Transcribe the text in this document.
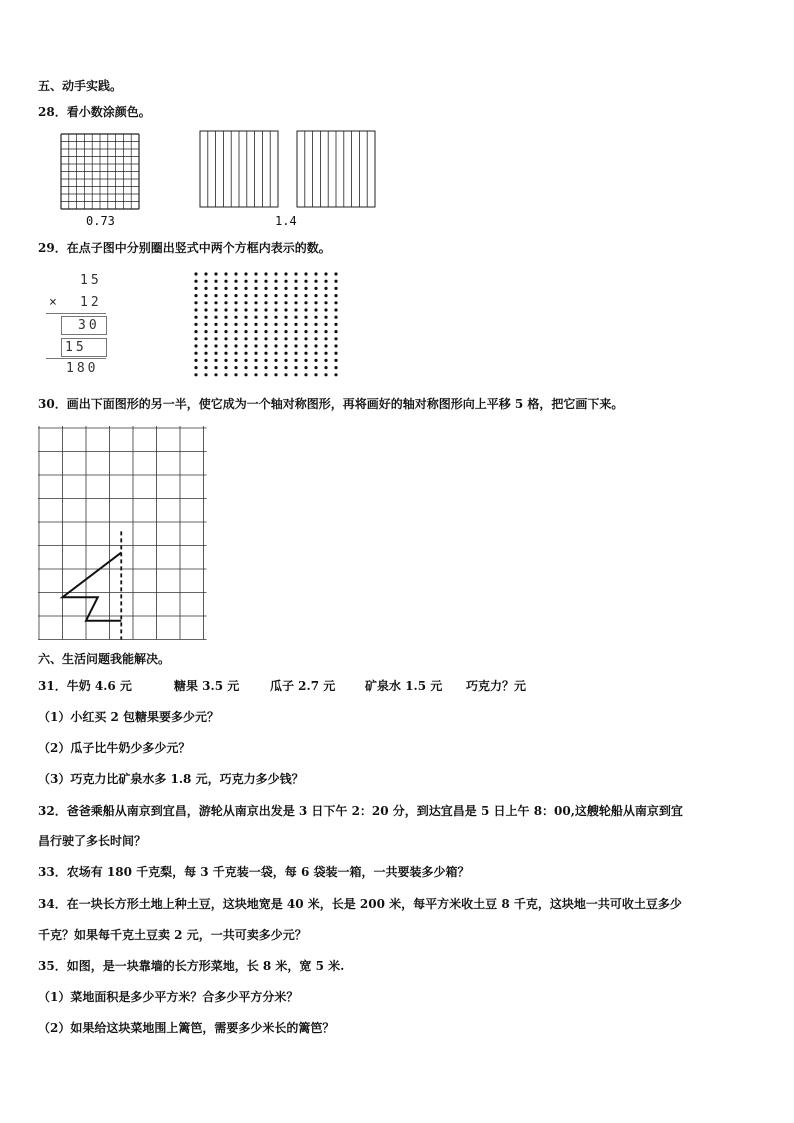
五、动手实践。
28．看小数涂颜色。
0.73	1.4
29．在点子图中分别圈出竖式中两个方框内表示的数。
15
× 12
30
15
180
30．画出下面图形的另一半，使它成为一个轴对称图形，再将画好的轴对称图形向上平移 5 格，把它画下来。
六、生活问题我能解决。
31．牛奶 4.6 元	糖果 3.5 元	瓜子 2.7 元 矿泉水 1.5 元 巧克力？元
（1）小红买 2 包糖果要多少元？
（2）瓜子比牛奶少多少元？
（3）巧克力比矿泉水多 1.8 元，巧克力多少钱？
32．爸爸乘船从南京到宜昌，游轮从南京出发是 3 日下午 2：20 分，到达宜昌是 5 日上午 8：00,这艘轮船从南京到宜
昌行驶了多长时间？
33．农场有 180 千克梨，每 3 千克装一袋，每 6 袋装一箱，一共要装多少箱？
34．在一块长方形土地上种土豆，这块地宽是 40 米，长是 200 米，每平方米收土豆 8 千克，这块地一共可收土豆多少
千克？如果每千克土豆卖 2 元，一共可卖多少元？
35．如图，是一块靠墙的长方形菜地，长 8 米，宽 5 米.
（1）菜地面积是多少平方米？合多少平方分米？
（2）如果给这块菜地围上篱笆，需要多少米长的篱笆？
